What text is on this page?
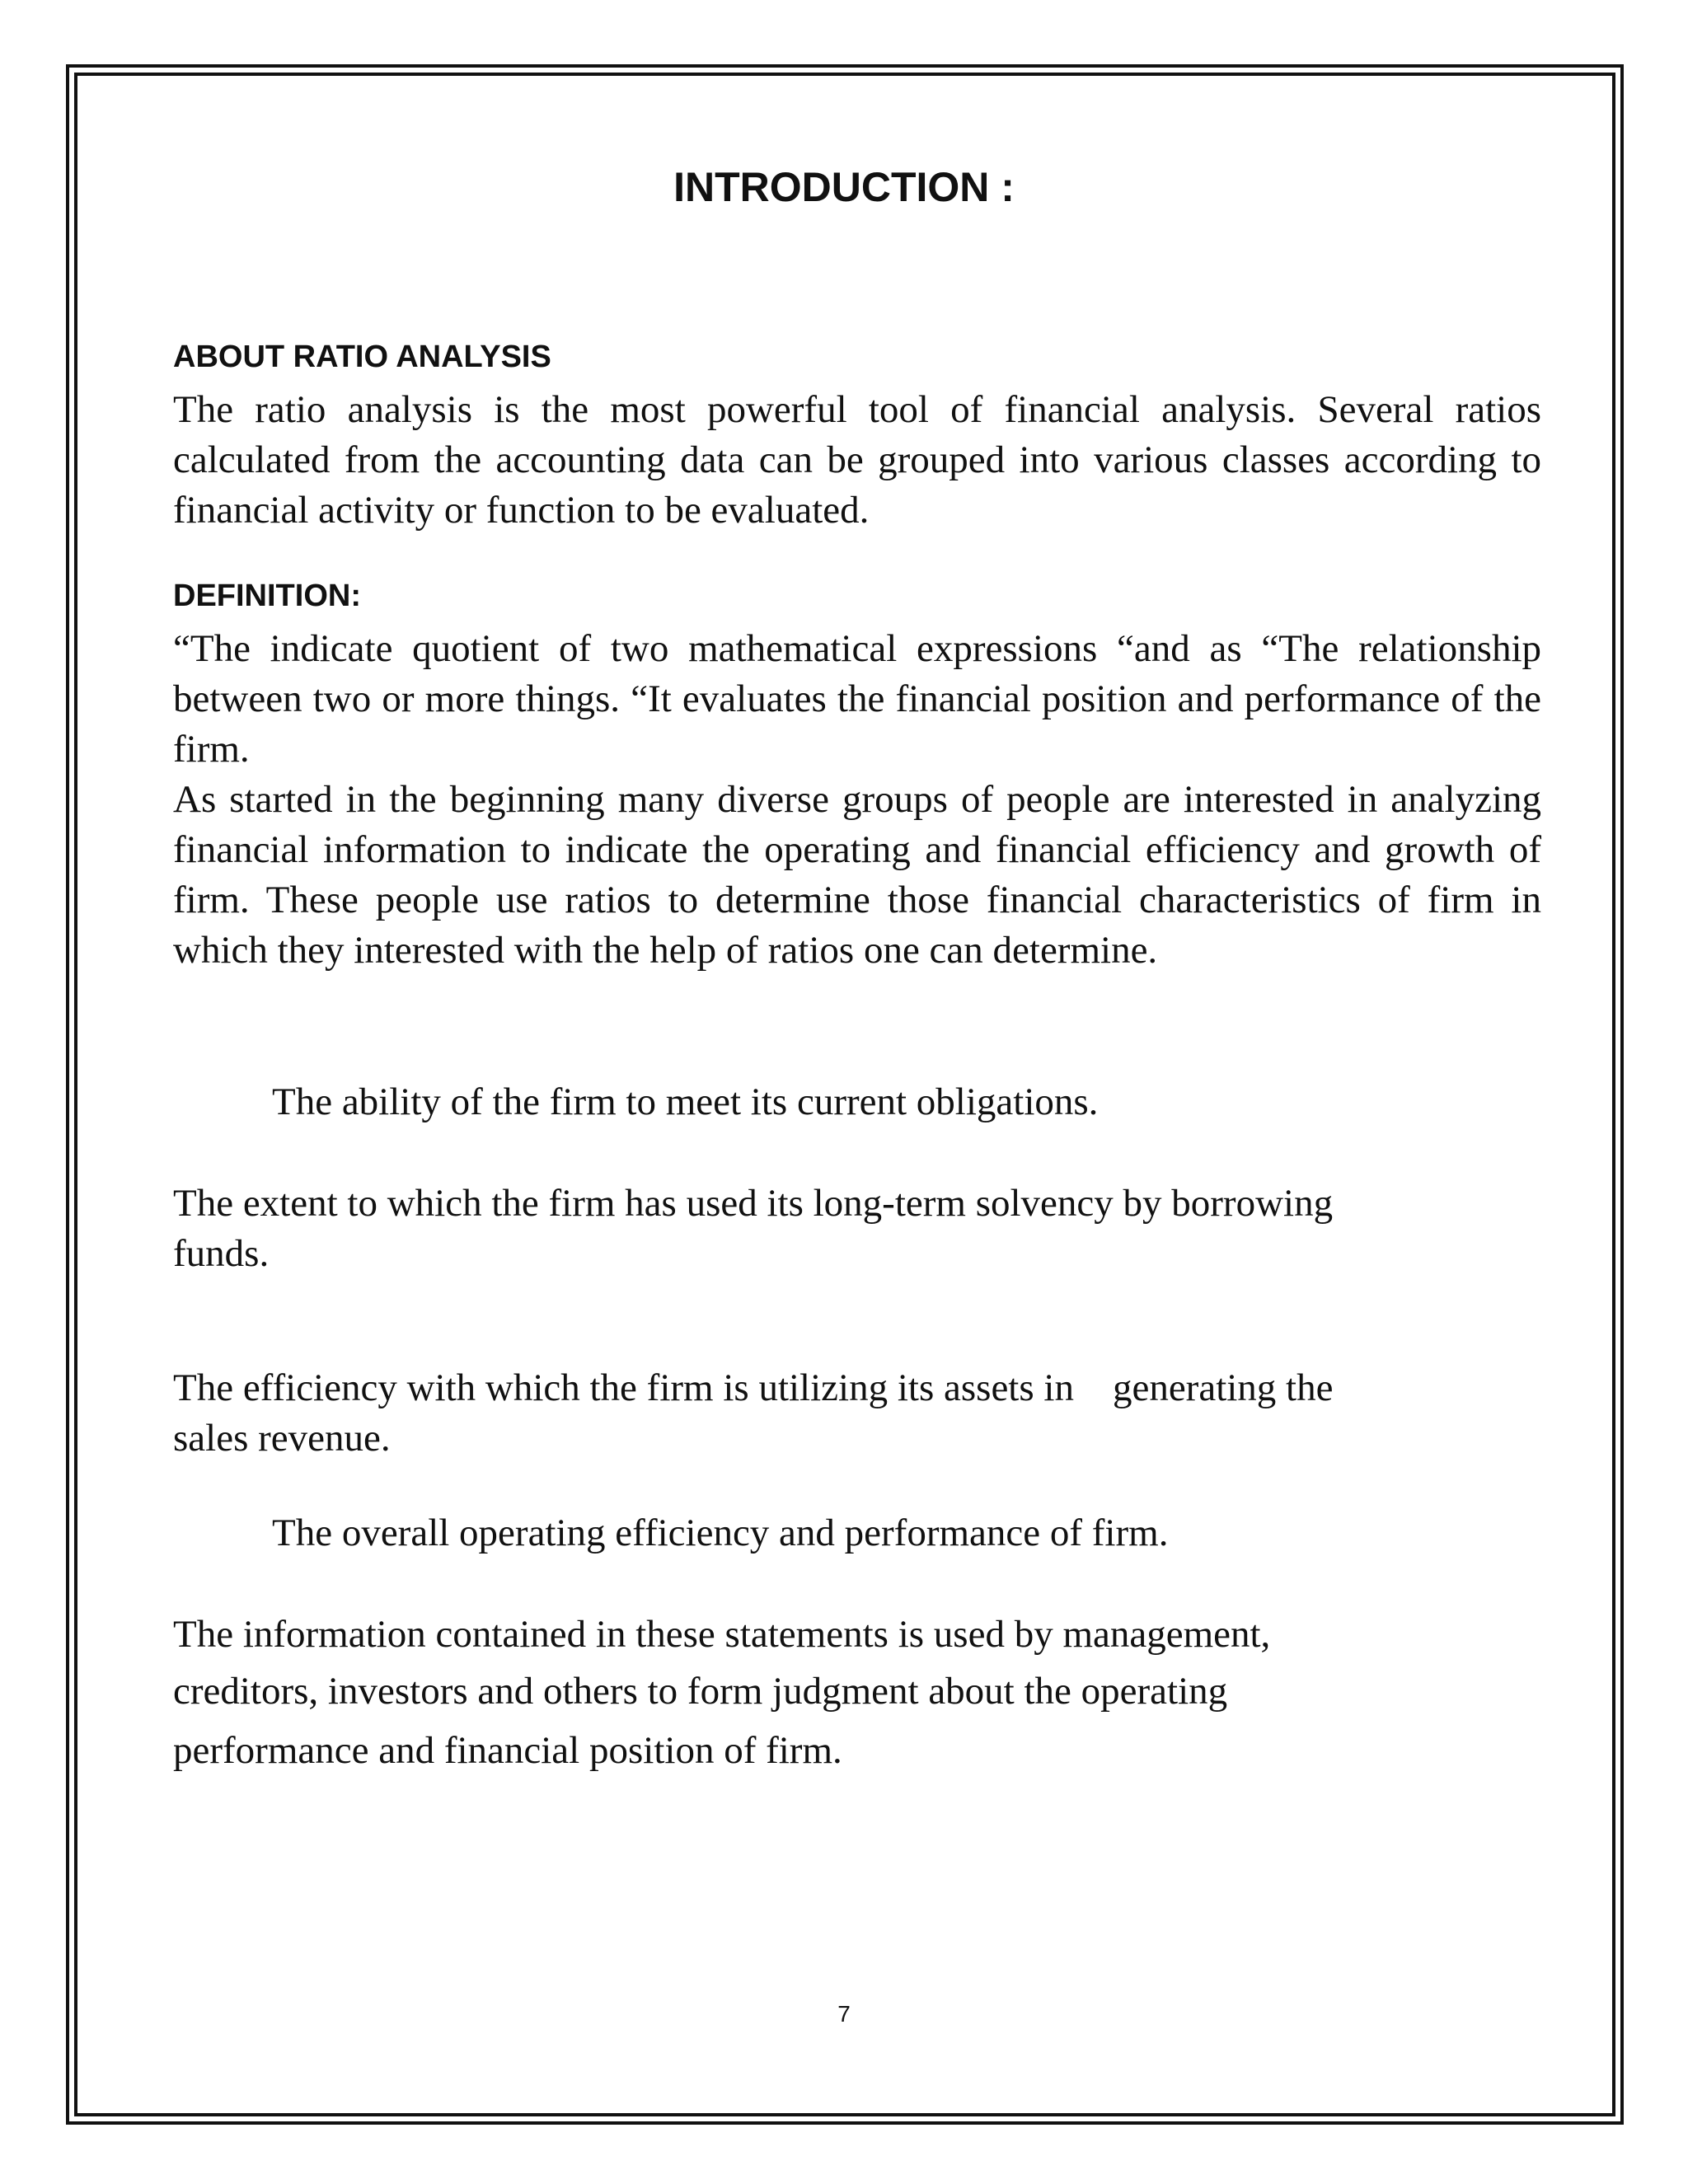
INTRODUCTION :
ABOUT RATIO ANALYSIS
The ratio analysis is the most powerful tool of financial analysis. Several ratios calculated from the accounting data can be grouped into various classes according to financial activity or function to be evaluated.
DEFINITION:
“The indicate quotient of two mathematical expressions “and as “The relationship between two or more things. “It evaluates the financial position and performance of the firm.
As started in the beginning many diverse groups of people are interested in analyzing financial information to indicate the operating and financial efficiency and growth of firm. These people use ratios to determine those financial characteristics of firm in which they interested with the help of ratios one can determine.
The ability of the firm to meet its current obligations.
The extent to which the firm has used its long-term solvency by borrowing
funds.
The efficiency with which the firm is utilizing its assets in    generating the
sales revenue.
The overall operating efficiency and performance of firm.
The information contained in these statements is used by management,
creditors, investors and others to form judgment about the operating
performance and financial position of firm.
7
